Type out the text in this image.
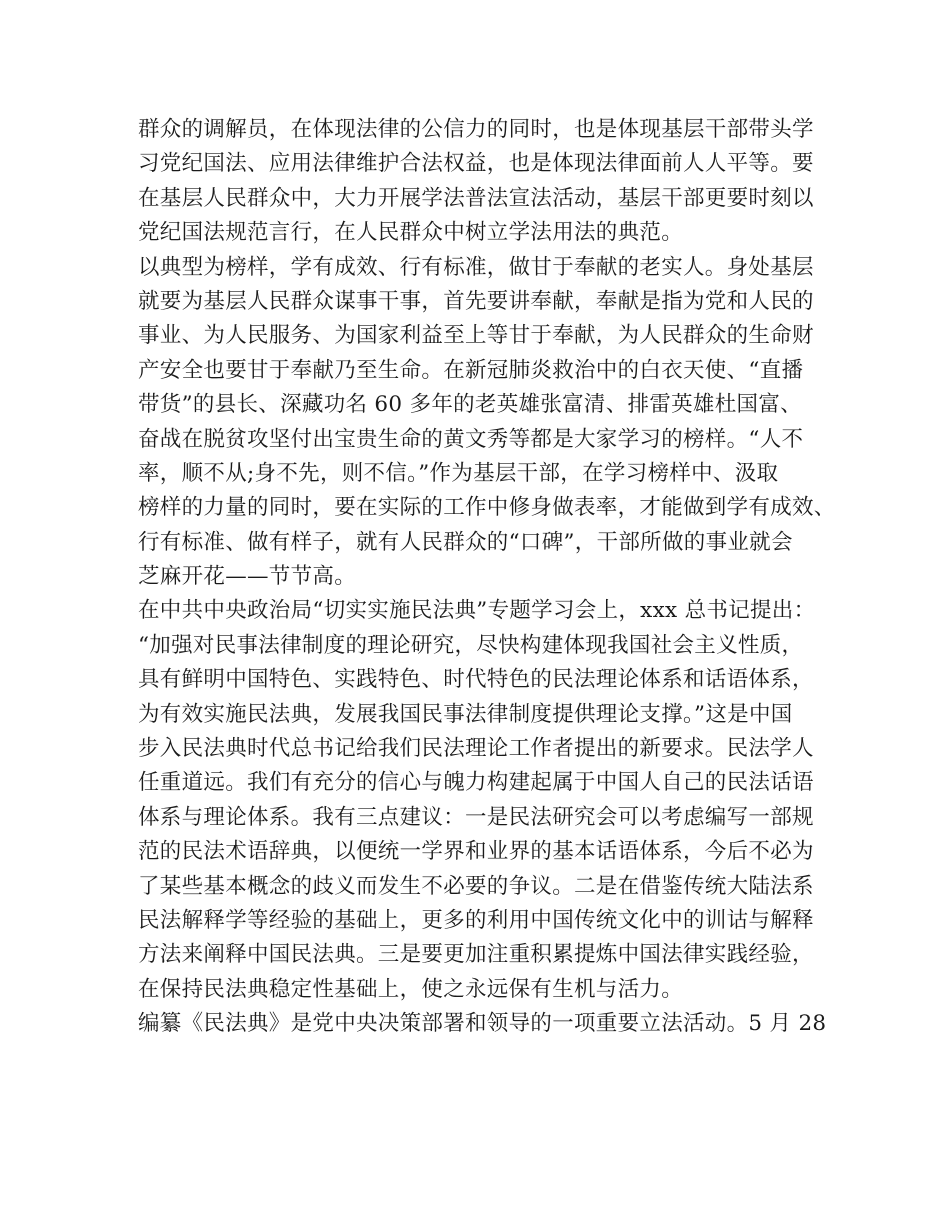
群众的调解员，在体现法律的公信力的同时，也是体现基层干部带头学
习党纪国法、应用法律维护合法权益，也是体现法律面前人人平等。要
在基层人民群众中，大力开展学法普法宣法活动，基层干部更要时刻以
党纪国法规范言行，在人民群众中树立学法用法的典范。
以典型为榜样，学有成效、行有标准，做甘于奉献的老实人。身处基层
就要为基层人民群众谋事干事，首先要讲奉献，奉献是指为党和人民的
事业、为人民服务、为国家利益至上等甘于奉献，为人民群众的生命财
产安全也要甘于奉献乃至生命。在新冠肺炎救治中的白衣天使、“直播
带货”的县长、深藏功名 60 多年的老英雄张富清、排雷英雄杜国富、
奋战在脱贫攻坚付出宝贵生命的黄文秀等都是大家学习的榜样。“人不
率，顺不从;身不先，则不信。”作为基层干部，在学习榜样中、汲取
榜样的力量的同时，要在实际的工作中修身做表率，才能做到学有成效、
行有标准、做有样子，就有人民群众的“口碑”，干部所做的事业就会
芝麻开花——节节高。
在中共中央政治局“切实实施民法典”专题学习会上，xxx 总书记提出：
“加强对民事法律制度的理论研究，尽快构建体现我国社会主义性质，
具有鲜明中国特色、实践特色、时代特色的民法理论体系和话语体系，
为有效实施民法典，发展我国民事法律制度提供理论支撑。”这是中国
步入民法典时代总书记给我们民法理论工作者提出的新要求。民法学人
任重道远。我们有充分的信心与魄力构建起属于中国人自己的民法话语
体系与理论体系。我有三点建议：一是民法研究会可以考虑编写一部规
范的民法术语辞典，以便统一学界和业界的基本话语体系，今后不必为
了某些基本概念的歧义而发生不必要的争议。二是在借鉴传统大陆法系
民法解释学等经验的基础上，更多的利用中国传统文化中的训诂与解释
方法来阐释中国民法典。三是要更加注重积累提炼中国法律实践经验，
在保持民法典稳定性基础上，使之永远保有生机与活力。
编纂《民法典》是党中央决策部署和领导的一项重要立法活动。5 月 28
